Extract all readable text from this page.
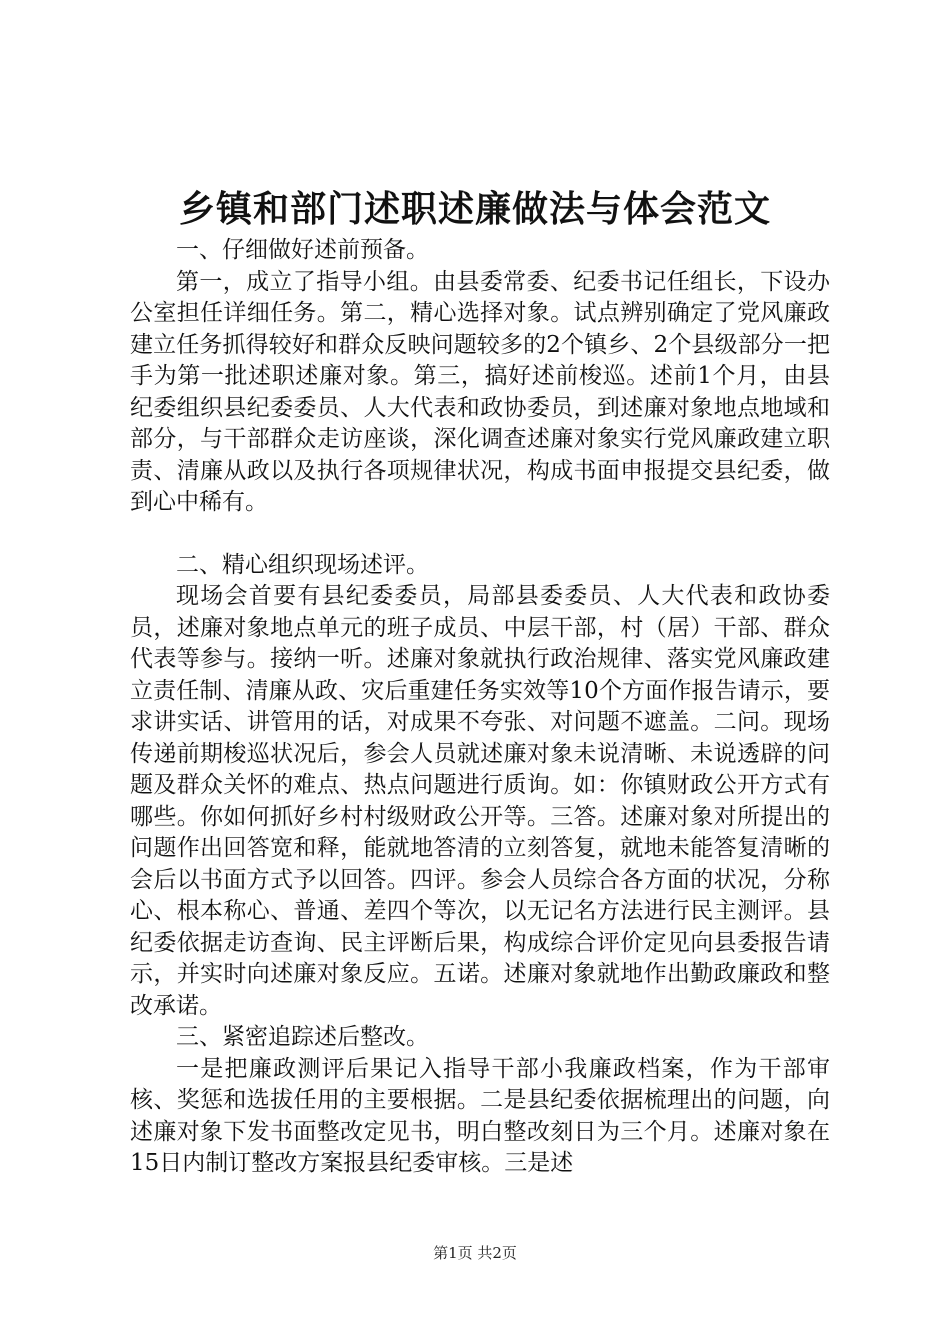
乡镇和部门述职述廉做法与体会范文

一、仔细做好述前预备。

第一，成立了指导小组。由县委常委、纪委书记任组长，下设办公室担任详细任务。第二，精心选择对象。试点辨别确定了党风廉政建立任务抓得较好和群众反映问题较多的2个镇乡、2个县级部分一把手为第一批述职述廉对象。第三，搞好述前梭巡。述前1个月，由县纪委组织县纪委委员、人大代表和政协委员，到述廉对象地点地域和部分，与干部群众走访座谈，深化调查述廉对象实行党风廉政建立职责、清廉从政以及执行各项规律状况，构成书面申报提交县纪委，做到心中稀有。

二、精心组织现场述评。

现场会首要有县纪委委员，局部县委委员、人大代表和政协委员，述廉对象地点单元的班子成员、中层干部，村（居）干部、群众代表等参与。接纳一听。述廉对象就执行政治规律、落实党风廉政建立责任制、清廉从政、灾后重建任务实效等10个方面作报告请示，要求讲实话、讲管用的话，对成果不夸张、对问题不遮盖。二问。现场传递前期梭巡状况后，参会人员就述廉对象未说清晰、未说透辟的问题及群众关怀的难点、热点问题进行质询。如：你镇财政公开方式有哪些。你如何抓好乡村村级财政公开等。三答。述廉对象对所提出的问题作出回答宽和释，能就地答清的立刻答复，就地未能答复清晰的会后以书面方式予以回答。四评。参会人员综合各方面的状况，分称心、根本称心、普通、差四个等次，以无记名方法进行民主测评。县纪委依据走访查询、民主评断后果，构成综合评价定见向县委报告请示，并实时向述廉对象反应。五诺。述廉对象就地作出勤政廉政和整改承诺。

三、紧密追踪述后整改。

一是把廉政测评后果记入指导干部小我廉政档案，作为干部审核、奖惩和选拔任用的主要根据。二是县纪委依据梳理出的问题，向述廉对象下发书面整改定见书，明白整改刻日为三个月。述廉对象在15日内制订整改方案报县纪委审核。三是述

第1页 共2页
